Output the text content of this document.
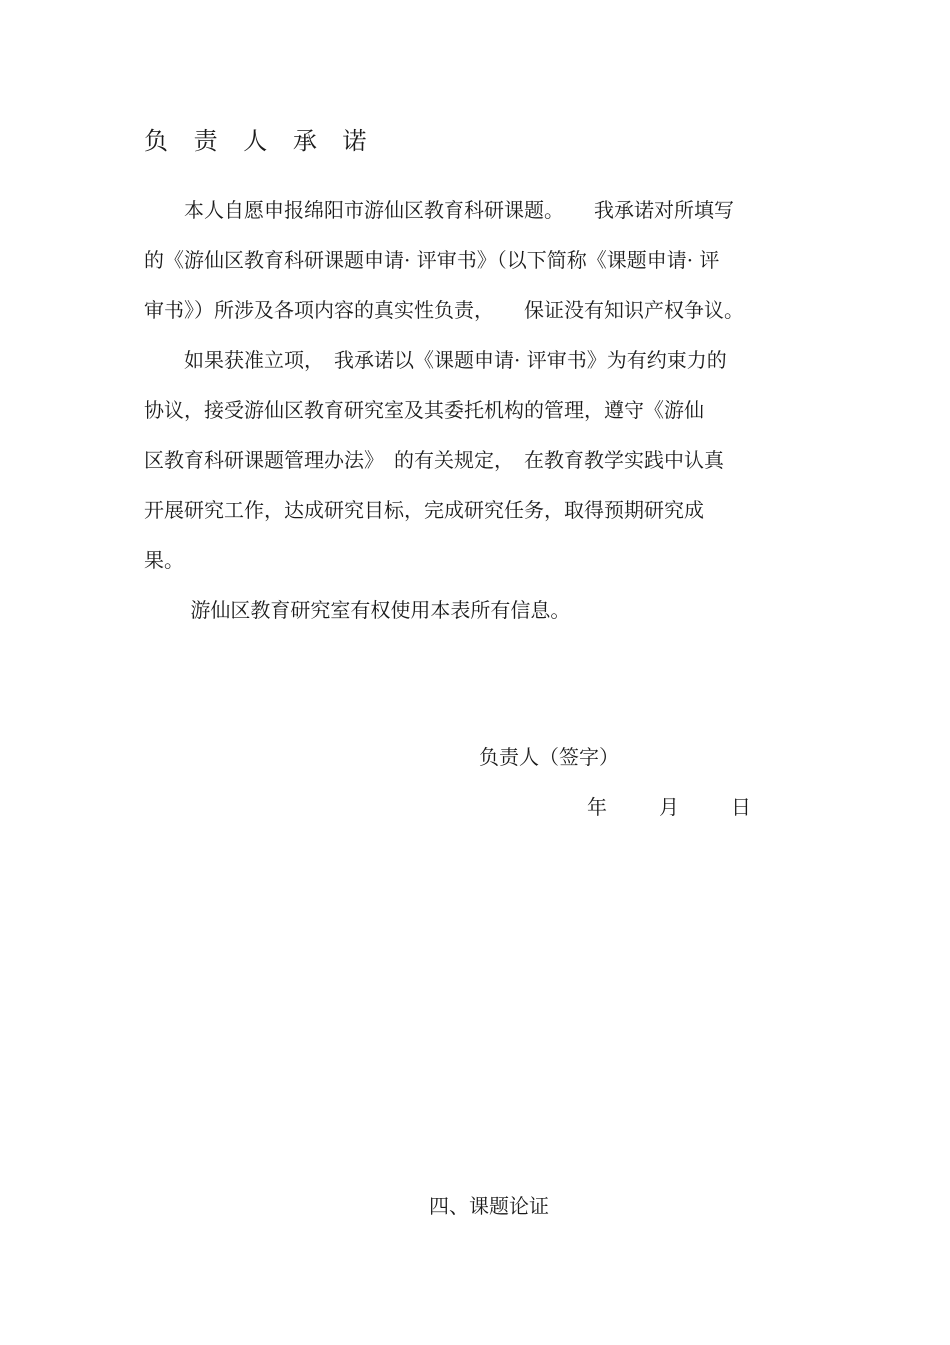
负 责 人 承 诺
　　本人自愿申报绵阳市游仙区教育科研课题。　　我承诺对所填写
的《游仙区教育科研课题申请· 评审书》（以下简称《课题申请· 评
审书》）所涉及各项内容的真实性负责，　　保证没有知识产权争议。
　　如果获准立项，　我承诺以《课题申请· 评审书》为有约束力的
协议，接受游仙区教育研究室及其委托机构的管理，遵守《游仙
区教育科研课题管理办法》　的有关规定，　在教育教学实践中认真
开展研究工作，达成研究目标，完成研究任务，取得预期研究成
果。
　　 游仙区教育研究室有权使用本表所有信息。
负责人（签字）
年	月	日
四、课题论证
